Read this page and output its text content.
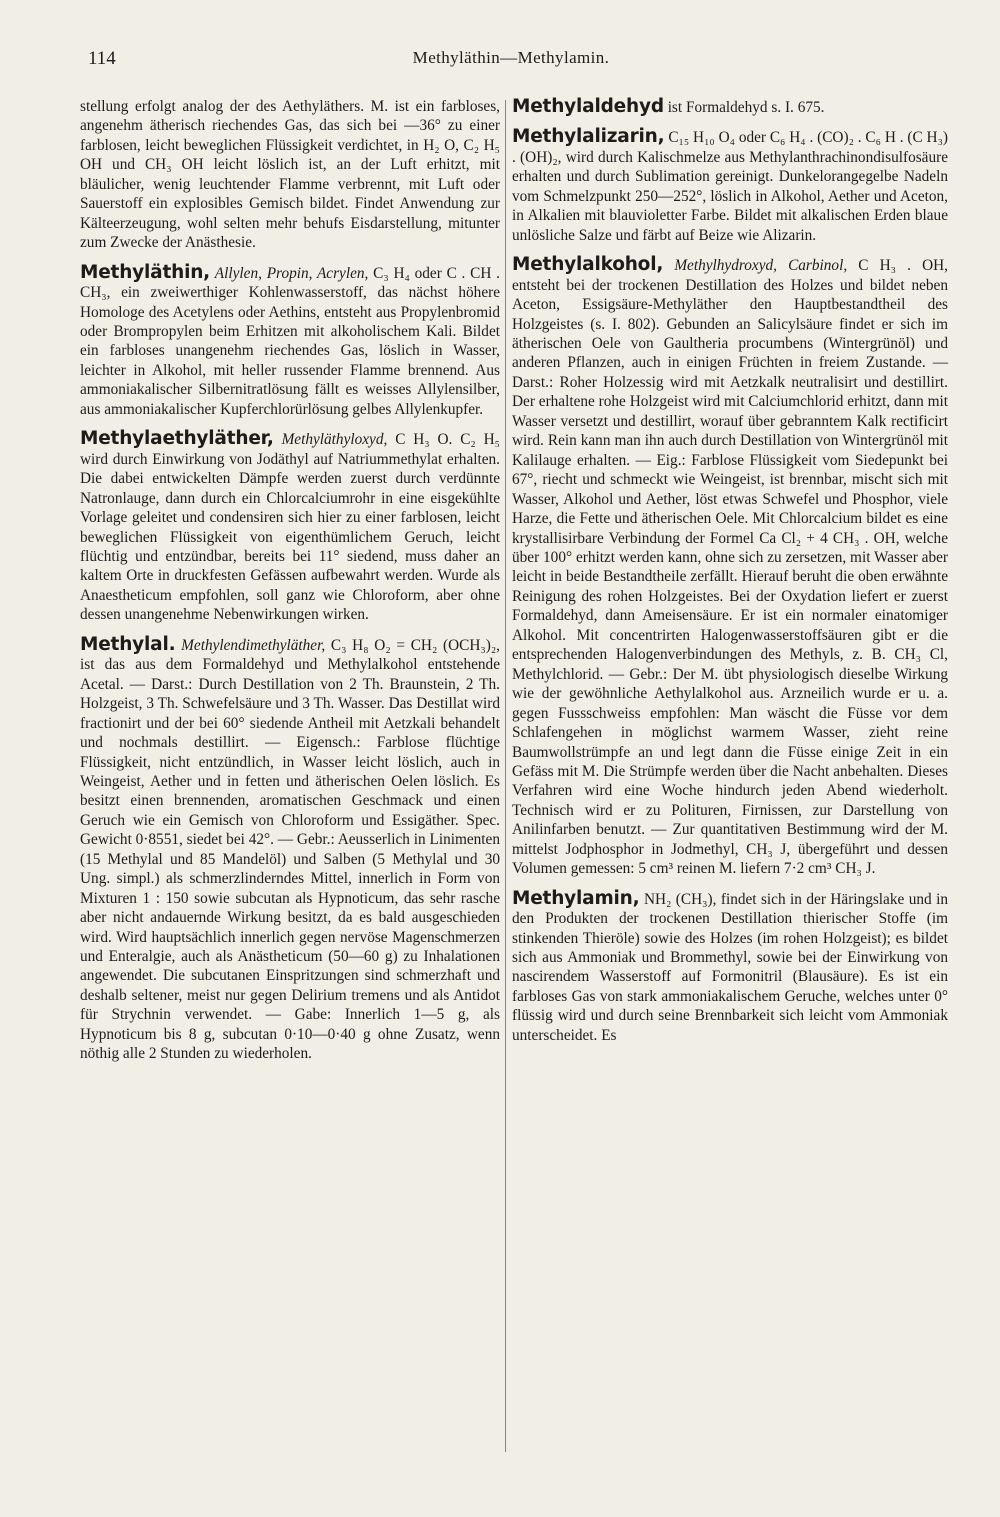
114	Methyläthin—Methylamin.

stellung erfolgt analog der des Aethyläthers. M. ist ein farbloses, angenehm ätherisch riechendes Gas, das sich bei —36° zu einer farblosen, leicht beweglichen Flüssigkeit verdichtet, in H₂ O, C₂ H₅ OH und CH₃ OH leicht löslich ist, an der Luft erhitzt, mit bläulicher, wenig leuchtender Flamme verbrennt, mit Luft oder Sauerstoff ein explosibles Gemisch bildet. Findet Anwendung zur Kälteerzeugung, wohl selten mehr behufs Eisdarstellung, mitunter zum Zwecke der Anästhesie.

Methyläthin, Allylen, Propin, Acrylen, C₃ H₄ oder C . CH . CH₃, ein zweiwerthiger Kohlenwasserstoff, das nächst höhere Homologe des Acetylens oder Aethins, entsteht aus Propylenbromid oder Brompropylen beim Erhitzen mit alkoholischem Kali. Bildet ein farbloses unangenehm riechendes Gas, löslich in Wasser, leichter in Alkohol, mit heller russender Flamme brennend. Aus ammoniakalischer Silbernitratlösung fällt es weisses Allylensilber, aus ammoniakalischer Kupferchlorürlösung gelbes Allylenkupfer.

Methylaethyläther, Methyläthyloxyd, C H₃ O. C₂ H₅ wird durch Einwirkung von Jodäthyl auf Natriummethylat erhalten. Die dabei entwickelten Dämpfe werden zuerst durch verdünnte Natronlauge, dann durch ein Chlorcalciumrohr in eine eisgekühlte Vorlage geleitet und condensiren sich hier zu einer farblosen, leicht beweglichen Flüssigkeit von eigenthümlichem Geruch, leicht flüchtig und entzündbar, bereits bei 11° siedend, muss daher an kaltem Orte in druckfesten Gefässen aufbewahrt werden. Wurde als Anaestheticum empfohlen, soll ganz wie Chloroform, aber ohne dessen unangenehme Nebenwirkungen wirken.

Methylal. Methylendimethyläther, C₃ H₈ O₂ = CH₂ (OCH₃)₂, ist das aus dem Formaldehyd und Methylalkohol entstehende Acetal. — Darst.: Durch Destillation von 2 Th. Braunstein, 2 Th. Holzgeist, 3 Th. Schwefelsäure und 3 Th. Wasser. Das Destillat wird fractionirt und der bei 60° siedende Antheil mit Aetzkali behandelt und nochmals destillirt. — Eigensch.: Farblose flüchtige Flüssigkeit, nicht entzündlich, in Wasser leicht löslich, auch in Weingeist, Aether und in fetten und ätherischen Oelen löslich. Es besitzt einen brennenden, aromatischen Geschmack und einen Geruch wie ein Gemisch von Chloroform und Essigäther. Spec. Gewicht 0·8551, siedet bei 42°. — Gebr.: Aeusserlich in Linimenten (15 Methylal und 85 Mandelöl) und Salben (5 Methylal und 30 Ung. simpl.) als schmerzlinderndes Mittel, innerlich in Form von Mixturen 1 : 150 sowie subcutan als Hypnoticum, das sehr rasche aber nicht andauernde Wirkung besitzt, da es bald ausgeschieden wird. Wird hauptsächlich innerlich gegen nervöse Magenschmerzen und Enteralgie, auch als Anästheticum (50—60 g) zu Inhalationen angewendet. Die subcutanen Einspritzungen sind schmerzhaft und deshalb seltener, meist nur gegen Delirium tremens und als Antidot für Strychnin verwendet. — Gabe: Innerlich 1—5 g, als Hypnoticum bis 8 g, subcutan 0·10—0·40 g ohne Zusatz, wenn nöthig alle 2 Stunden zu wiederholen.

Methylaldehyd ist Formaldehyd s. I. 675.

Methylalizarin, C₁₅ H₁₀ O₄ oder C₆ H₄ . (CO)₂ . C₆ H . (C H₃) . (OH)₂, wird durch Kalischmelze aus Methylanthrachinondisulfosäure erhalten und durch Sublimation gereinigt. Dunkelorangegelbe Nadeln vom Schmelzpunkt 250—252°, löslich in Alkohol, Aether und Aceton, in Alkalien mit blauvioletter Farbe. Bildet mit alkalischen Erden blaue unlösliche Salze und färbt auf Beize wie Alizarin.

Methylalkohol, Methylhydroxyd, Carbinol, C H₃ . OH, entsteht bei der trockenen Destillation des Holzes und bildet neben Aceton, Essigsäure-Methyläther den Hauptbestandtheil des Holzgeistes (s. I. 802). Gebunden an Salicylsäure findet er sich im ätherischen Oele von Gaultheria procumbens (Wintergrünöl) und anderen Pflanzen, auch in einigen Früchten in freiem Zustande. — Darst.: Roher Holzessig wird mit Aetzkalk neutralisirt und destillirt. Der erhaltene rohe Holzgeist wird mit Calciumchlorid erhitzt, dann mit Wasser versetzt und destillirt, worauf über gebranntem Kalk rectificirt wird. Rein kann man ihn auch durch Destillation von Wintergrünöl mit Kalilauge erhalten. — Eig.: Farblose Flüssigkeit vom Siedepunkt bei 67°, riecht und schmeckt wie Weingeist, ist brennbar, mischt sich mit Wasser, Alkohol und Aether, löst etwas Schwefel und Phosphor, viele Harze, die Fette und ätherischen Oele. Mit Chlorcalcium bildet es eine krystallisirbare Verbindung der Formel Ca Cl₂ + 4 CH₃ . OH, welche über 100° erhitzt werden kann, ohne sich zu zersetzen, mit Wasser aber leicht in beide Bestandtheile zerfällt. Hierauf beruht die oben erwähnte Reinigung des rohen Holzgeistes. Bei der Oxydation liefert er zuerst Formaldehyd, dann Ameisensäure. Er ist ein normaler einatomiger Alkohol. Mit concentrirten Halogenwasserstoffsäuren gibt er die entsprechenden Halogenverbindungen des Methyls, z. B. CH₃ Cl, Methylchlorid. — Gebr.: Der M. übt physiologisch dieselbe Wirkung wie der gewöhnliche Aethylalkohol aus. Arzneilich wurde er u. a. gegen Fussschweiss empfohlen: Man wäscht die Füsse vor dem Schlafengehen in möglichst warmem Wasser, zieht reine Baumwollstrümpfe an und legt dann die Füsse einige Zeit in ein Gefäss mit M. Die Strümpfe werden über die Nacht anbehalten. Dieses Verfahren wird eine Woche hindurch jeden Abend wiederholt. Technisch wird er zu Polituren, Firnissen, zur Darstellung von Anilinfarben benutzt. — Zur quantitativen Bestimmung wird der M. mittelst Jodphosphor in Jodmethyl, CH₃ J, übergeführt und dessen Volumen gemessen: 5 cm³ reinen M. liefern 7·2 cm³ CH₃ J.

Methylamin, NH₂ (CH₃), findet sich in der Häringslake und in den Produkten der trockenen Destillation thierischer Stoffe (im stinkenden Thieröle) sowie des Holzes (im rohen Holzgeist); es bildet sich aus Ammoniak und Brommethyl, sowie bei der Einwirkung von nascirendem Wasserstoff auf Formonitril (Blausäure). Es ist ein farbloses Gas von stark ammoniakalischem Geruche, welches unter 0° flüssig wird und durch seine Brennbarkeit sich leicht vom Ammoniak unterscheidet. Es
